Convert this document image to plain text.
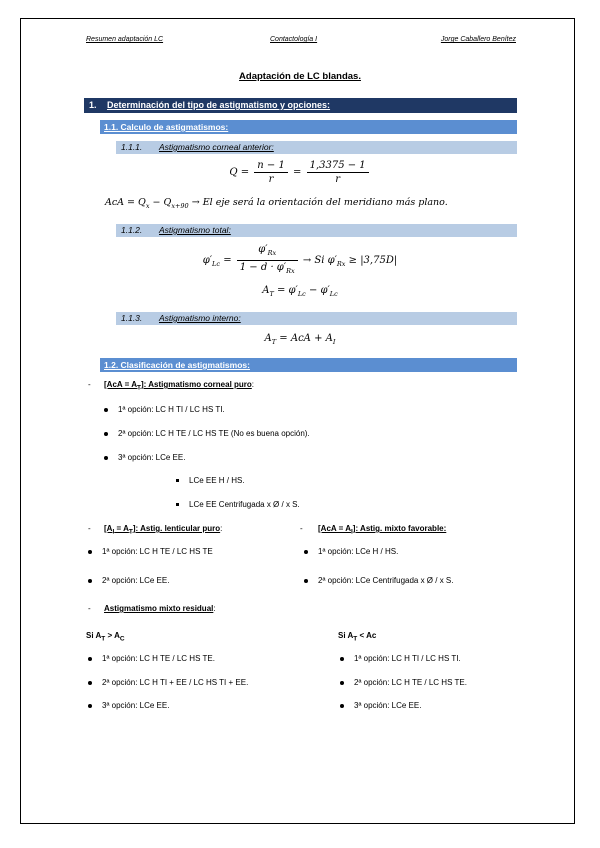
Resumen adaptación LC	Contactología I	Jorge Caballero Benítez
Adaptación de LC blandas.
1. Determinación del tipo de astigmatismo y opciones:
1.1. Calculo de astigmatismos:
1.1.1. Astigmatismo corneal anterior:
$Q = \frac{n - 1}{r} = \frac{1,3375 - 1}{r}$
AcA = $Q_x - Q_{x+90} \to El$ eje será la orientación del meridiano más plano.
1.1.2. Astigmatismo total:
$\varphi'_{Lc} = \frac{\varphi'_{Rx}}{1 - d \cdot \varphi'_{Rx}} \to Si$ $\varphi'_{Rx} \ge |3,75D|$
$A_T = \varphi'_{Lc} - \varphi'_{Lc}$
1.1.3. Astigmatismo interno:
$A_T$ = AcA + $A_I$
1.2. Clasificación de astigmatismos:
- $[AcA = A_T]$: Astigmatismo corneal puro:
1ª opción: LC H TI / LC HS TI.
2ª opción: LC H TE / LC HS TE (No es buena opción).
3ª opción: LCe EE.
LCe EE H / HS.
LCe EE Centrifugada x Ø / x S.
- $[A_I = A_T]$: Astig. lenticular puro:
1ª opción: LC H TE / LC HS TE
2ª opción: LCe EE.
- $[AcA = A_I]$: Astig. mixto favorable:
1ª opción: LCe H / HS.
2ª opción: LCe Centrifugada x Ø / x S.
- Astigmatismo mixto residual:
Si $A_T > A_C$
1ª opción: LC H TE / LC HS TE.
2ª opción: LC H TI + EE / LC HS TI + EE.
3ª opción: LCe EE.
Si $A_T < Ac$
1ª opción: LC H TI / LC HS TI.
2ª opción: LC H TE / LC HS TE.
3ª opción: LCe EE.
